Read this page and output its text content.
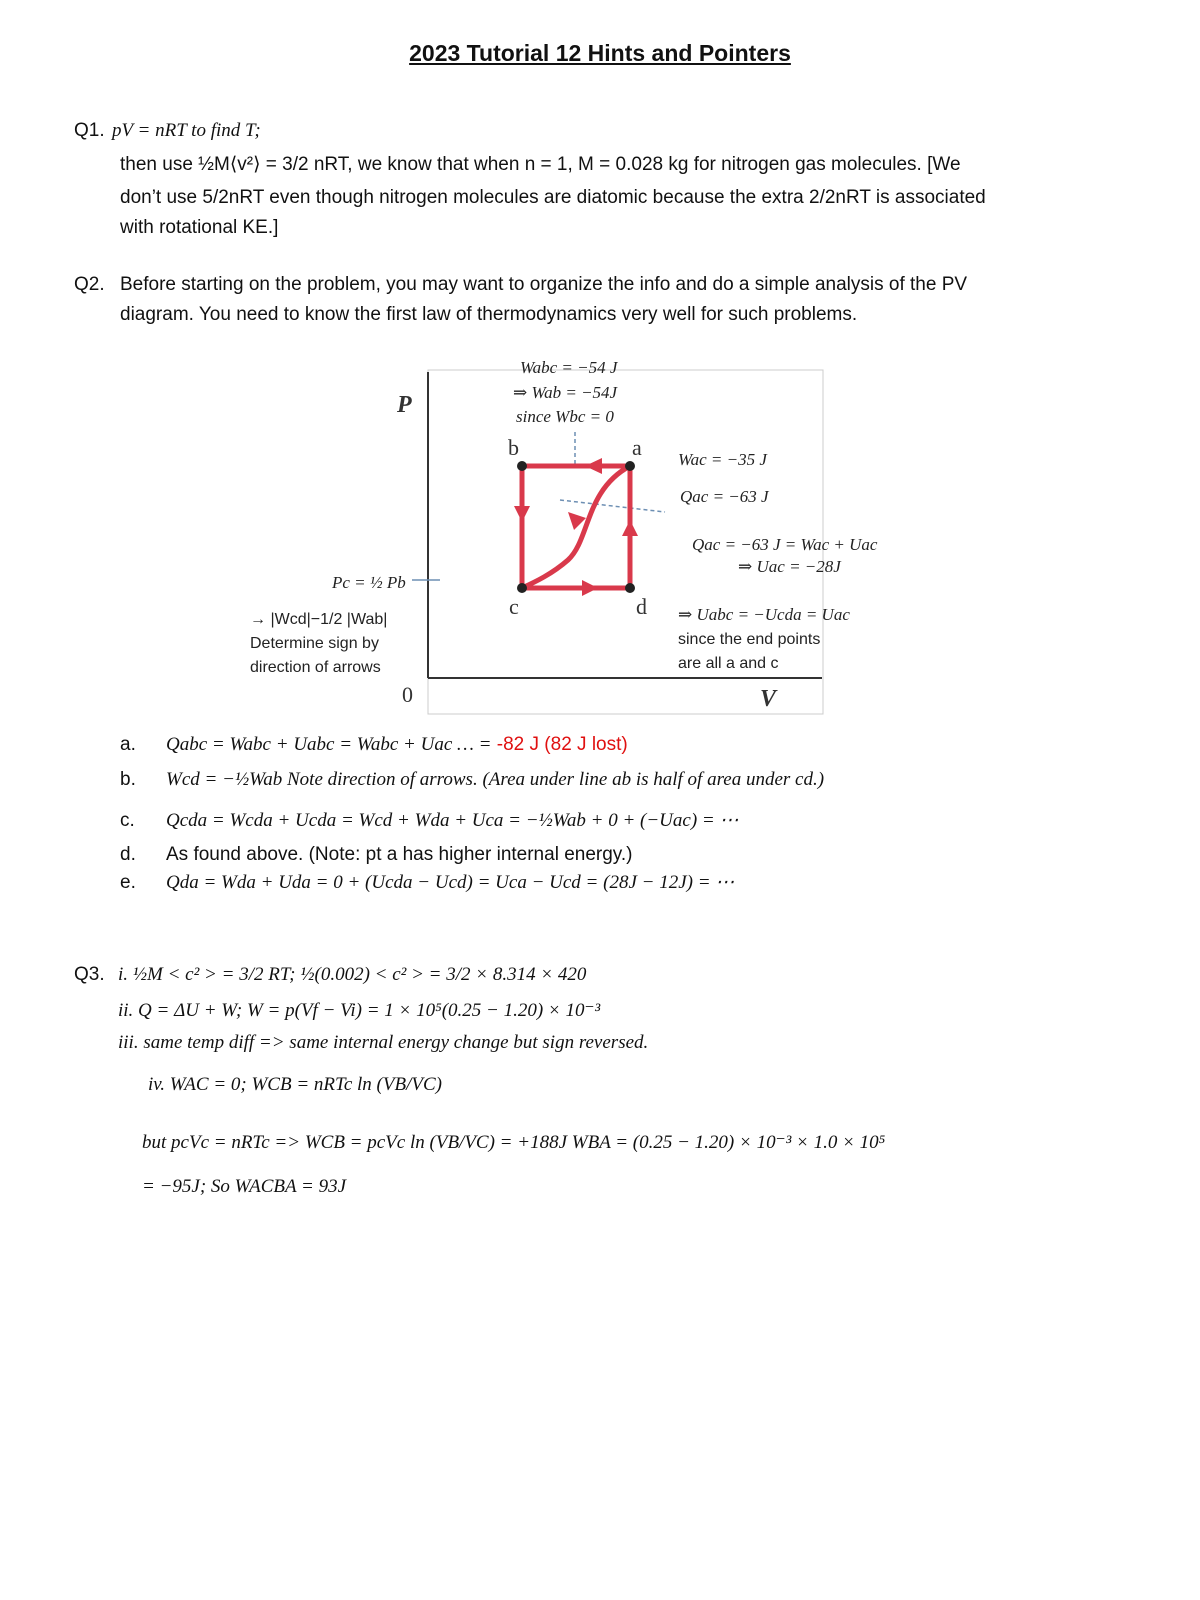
2023 Tutorial 12 Hints and Pointers
Q1. pV = nRT to find T;
then use ½M⟨v²⟩ = 3/2 nRT, we know that when n = 1, M = 0.028 kg for nitrogen gas molecules. [We
don’t use 5/2nRT even though nitrogen molecules are diatomic because the extra 2/2nRT is associated
with rotational KE.]
Q2. Before starting on the problem, you may want to organize the info and do a simple analysis of the PV
diagram. You need to know the first law of thermodynamics very well for such problems.
P
V
0
b	a
c	d
Wabc = −54 J
⇒ Wab = −54J
since Wbc = 0
Wac = −35 J
Qac = −63 J
Qac = −63 J = Wac + Uac
⇒ Uac = −28J
⇒ Uabc = −Ucda = Uac
Pc = ½ Pb
since the end points
are all a and c
→ |Wcd|−1/2 |Wab|
Determine sign by
direction of arrows
a. Qabc = Wabc + Uabc = Wabc + Uac … = -82 J (82 J lost)
b. Wcd = −½Wab Note direction of arrows. (Area under line ab is half of area under cd.)
c. Qcda = Wcda + Ucda = Wcd + Wda + Uca = −½Wab + 0 + (−Uac) = ⋯
d. As found above. (Note: pt a has higher internal energy.)
e. Qda = Wda + Uda = 0 + (Ucda − Ucd) = Uca − Ucd = (28J − 12J) = ⋯
Q3. i. ½M < c² > = 3/2 RT; ½(0.002) < c² > = 3/2 × 8.314 × 420
ii. Q = ΔU + W; W = p(Vf − Vi) = 1 × 10⁵(0.25 − 1.20) × 10⁻³
iii. same temp diff => same internal energy change but sign reversed.
iv. WAC = 0; WCB = nRTc ln (VB/VC)
but pcVc = nRTc => WCB = pcVc ln (VB/VC) = +188J WBA = (0.25 − 1.20) × 10⁻³ × 1.0 × 10⁵
= −95J; So WACBA = 93J
